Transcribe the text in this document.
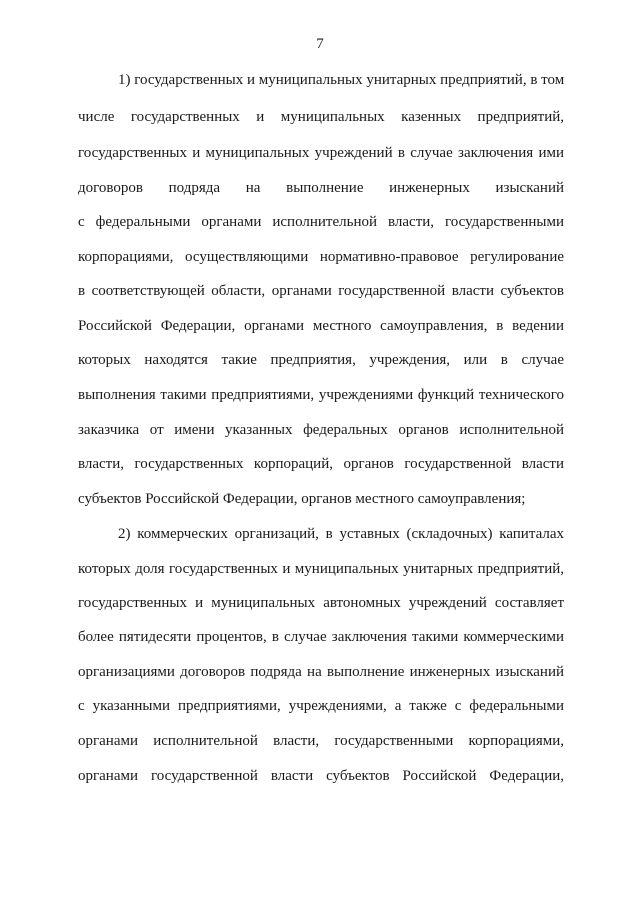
7
1) государственных и муниципальных унитарных предприятий, в том
числе государственных и муниципальных казенных предприятий,
государственных и муниципальных учреждений в случае заключения ими
договоров подряда на выполнение инженерных изысканий
с федеральными органами исполнительной власти, государственными
корпорациями, осуществляющими нормативно-правовое регулирование
в соответствующей области, органами государственной власти субъектов
Российской Федерации, органами местного самоуправления, в ведении
которых находятся такие предприятия, учреждения, или в случае
выполнения такими предприятиями, учреждениями функций технического
заказчика от имени указанных федеральных органов исполнительной
власти, государственных корпораций, органов государственной власти
субъектов Российской Федерации, органов местного самоуправления;
2) коммерческих организаций, в уставных (складочных) капиталах
которых доля государственных и муниципальных унитарных предприятий,
государственных и муниципальных автономных учреждений составляет
более пятидесяти процентов, в случае заключения такими коммерческими
организациями договоров подряда на выполнение инженерных изысканий
с указанными предприятиями, учреждениями, а также с федеральными
органами исполнительной власти, государственными корпорациями,
органами государственной власти субъектов Российской Федерации,
